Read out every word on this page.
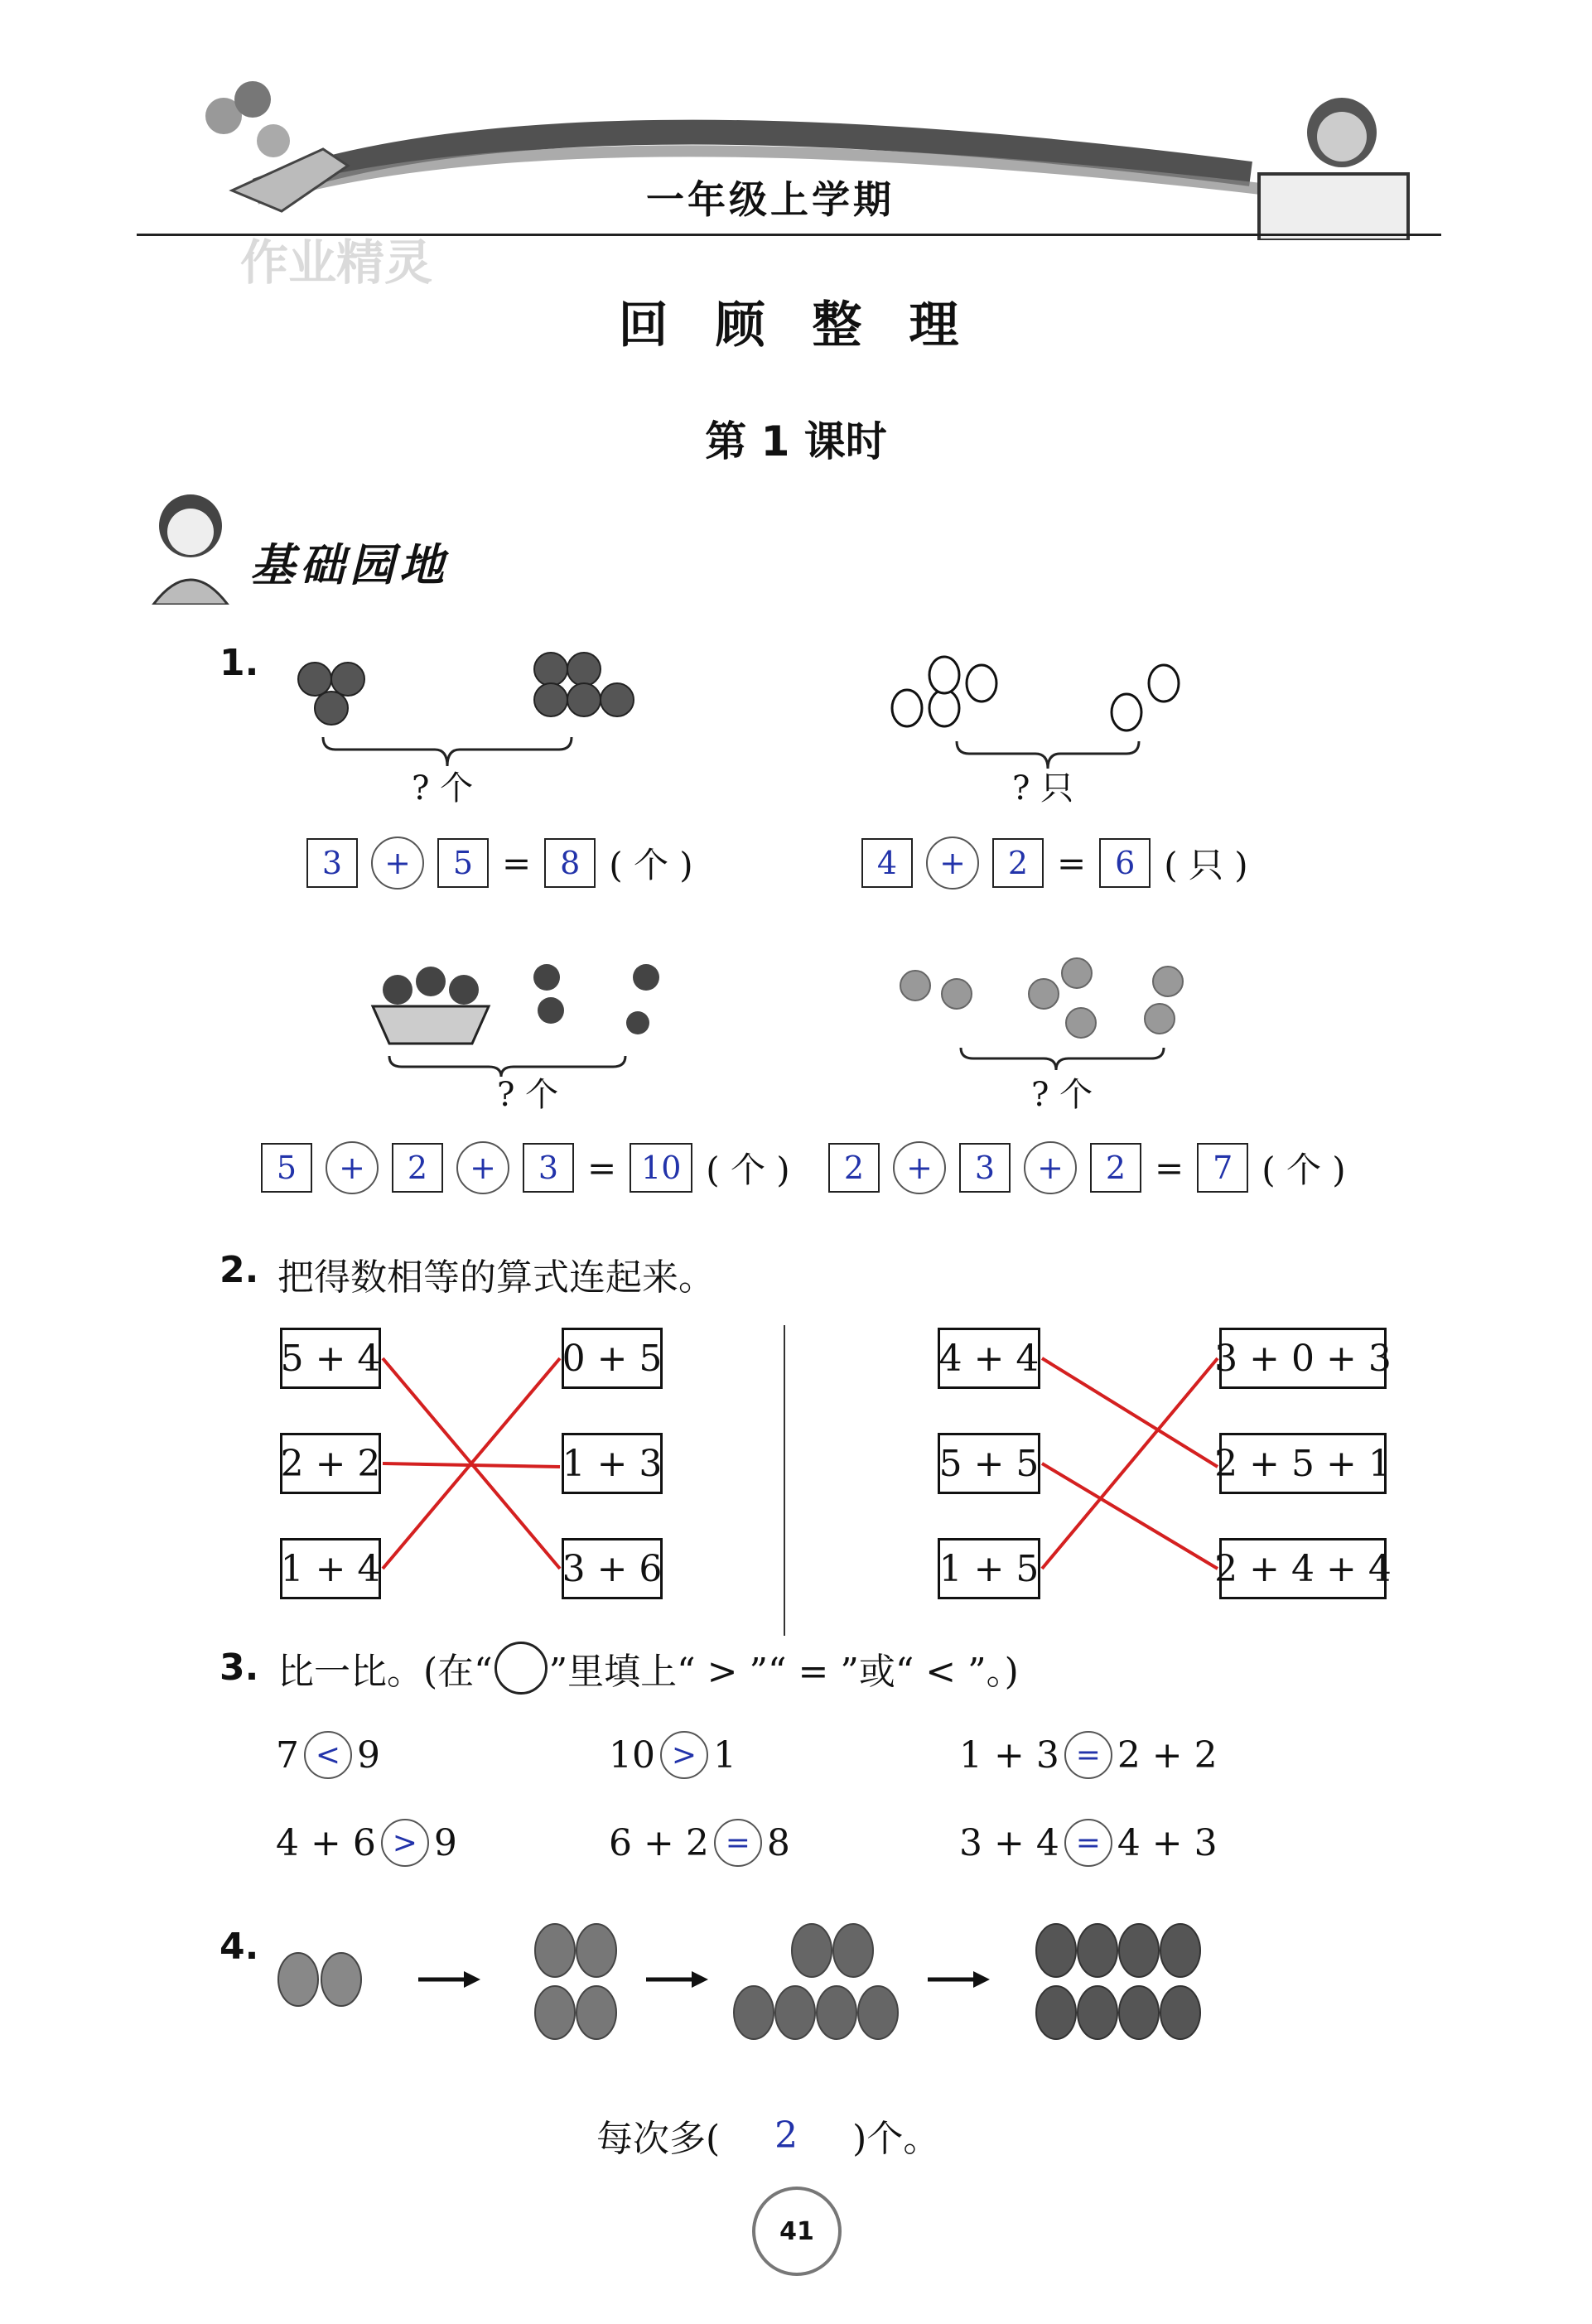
一年级上学期
作业精灵
回 顾 整 理
第 1 课时
基础园地
1.
? 个
3	+	5 = 8 ( 个 )
? 只
4	+	2 = 6 ( 只 )
? 个
5	+	2	+	3 = 10 ( 个 )
? 个
2	+	3	+	2 = 7 ( 个 )
2. 把得数相等的算式连起来。
5 + 4
2 + 2
1 + 4
0 + 5
1 + 3
3 + 6
4 + 4
5 + 5
1 + 5
3 + 0 + 3
2 + 5 + 1
2 + 4 + 4
3. 比一比。(在“ ”里填上“ > ”“ = ”或“ < ”。)
7 < 9	10 > 1	1 + 3 = 2 + 2
4 + 6 > 9	6 + 2 = 8	3 + 4 = 4 + 3
4.
每次多(	2	)个。
41
